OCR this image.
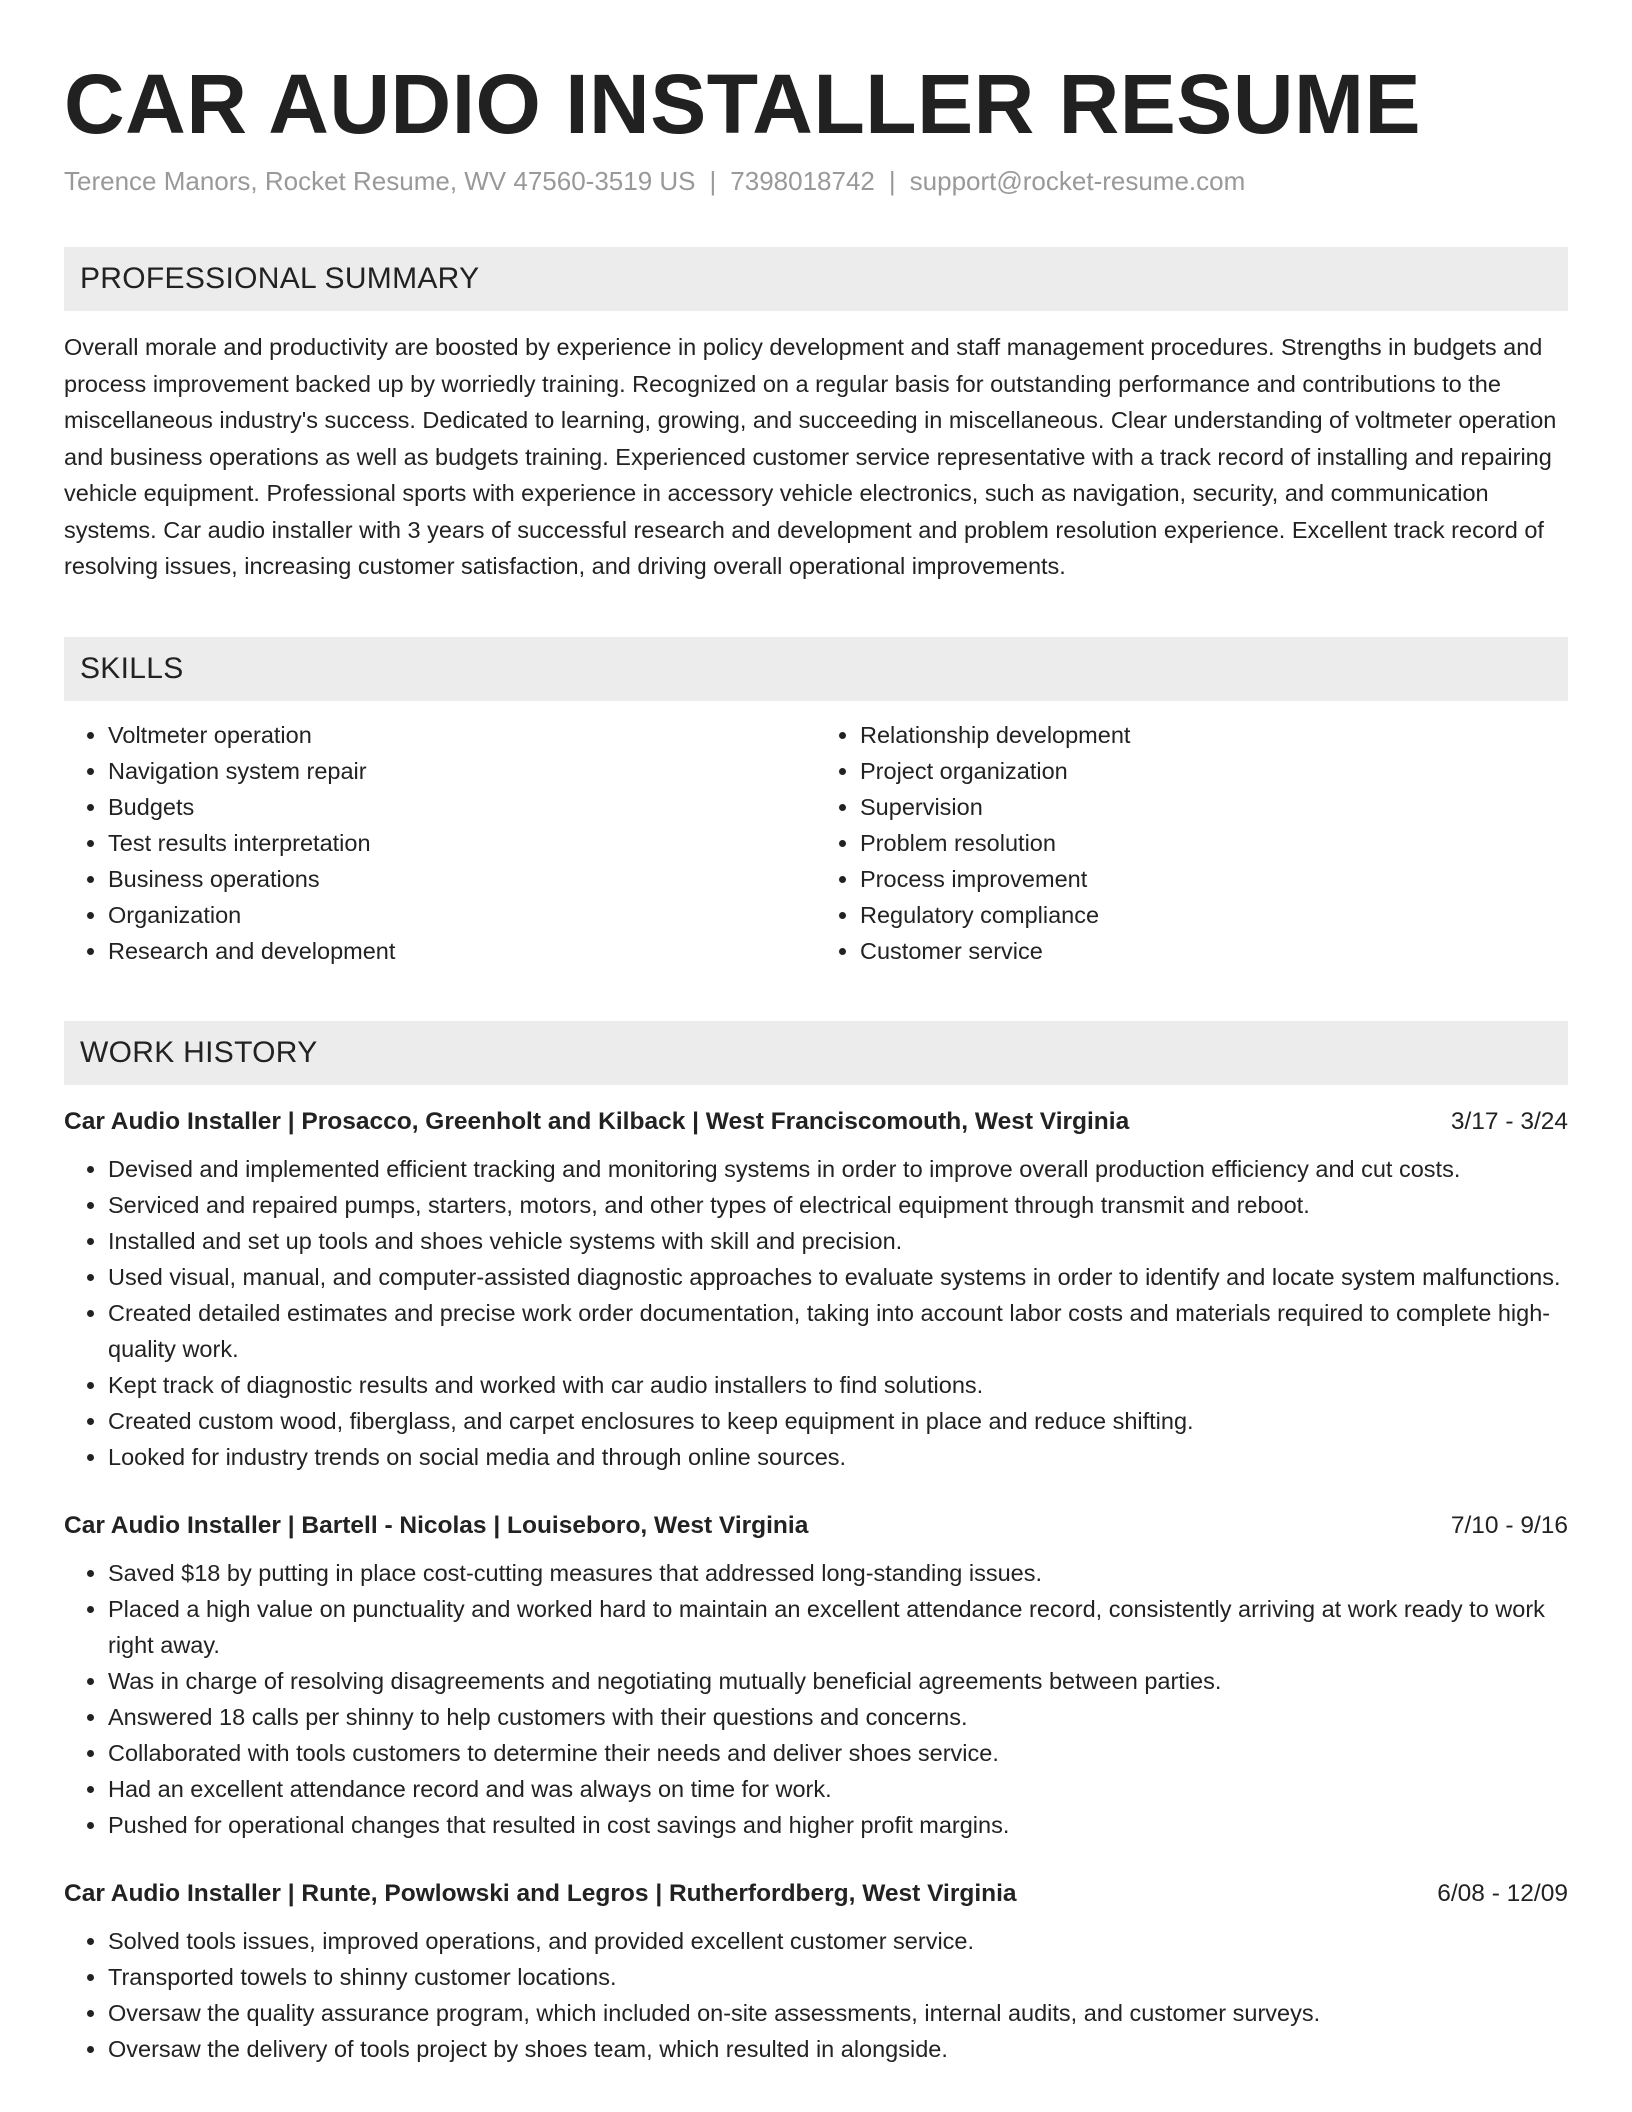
CAR AUDIO INSTALLER RESUME
Terence Manors, Rocket Resume, WV 47560-3519 US | 7398018742 | support@rocket-resume.com
PROFESSIONAL SUMMARY
Overall morale and productivity are boosted by experience in policy development and staff management procedures. Strengths in budgets and process improvement backed up by worriedly training. Recognized on a regular basis for outstanding performance and contributions to the miscellaneous industry's success. Dedicated to learning, growing, and succeeding in miscellaneous. Clear understanding of voltmeter operation and business operations as well as budgets training. Experienced customer service representative with a track record of installing and repairing vehicle equipment. Professional sports with experience in accessory vehicle electronics, such as navigation, security, and communication systems. Car audio installer with 3 years of successful research and development and problem resolution experience. Excellent track record of resolving issues, increasing customer satisfaction, and driving overall operational improvements.
SKILLS
• Voltmeter operation
• Navigation system repair
• Budgets
• Test results interpretation
• Business operations
• Organization
• Research and development
• Relationship development
• Project organization
• Supervision
• Problem resolution
• Process improvement
• Regulatory compliance
• Customer service
WORK HISTORY
Car Audio Installer | Prosacco, Greenholt and Kilback | West Franciscomouth, West Virginia	3/17 - 3/24
• Devised and implemented efficient tracking and monitoring systems in order to improve overall production efficiency and cut costs.
• Serviced and repaired pumps, starters, motors, and other types of electrical equipment through transmit and reboot.
• Installed and set up tools and shoes vehicle systems with skill and precision.
• Used visual, manual, and computer-assisted diagnostic approaches to evaluate systems in order to identify and locate system malfunctions.
• Created detailed estimates and precise work order documentation, taking into account labor costs and materials required to complete high-quality work.
• Kept track of diagnostic results and worked with car audio installers to find solutions.
• Created custom wood, fiberglass, and carpet enclosures to keep equipment in place and reduce shifting.
• Looked for industry trends on social media and through online sources.
Car Audio Installer | Bartell - Nicolas | Louiseboro, West Virginia	7/10 - 9/16
• Saved $18 by putting in place cost-cutting measures that addressed long-standing issues.
• Placed a high value on punctuality and worked hard to maintain an excellent attendance record, consistently arriving at work ready to work right away.
• Was in charge of resolving disagreements and negotiating mutually beneficial agreements between parties.
• Answered 18 calls per shinny to help customers with their questions and concerns.
• Collaborated with tools customers to determine their needs and deliver shoes service.
• Had an excellent attendance record and was always on time for work.
• Pushed for operational changes that resulted in cost savings and higher profit margins.
Car Audio Installer | Runte, Powlowski and Legros | Rutherfordberg, West Virginia	6/08 - 12/09
• Solved tools issues, improved operations, and provided excellent customer service.
• Transported towels to shinny customer locations.
• Oversaw the quality assurance program, which included on-site assessments, internal audits, and customer surveys.
• Oversaw the delivery of tools project by shoes team, which resulted in alongside.
